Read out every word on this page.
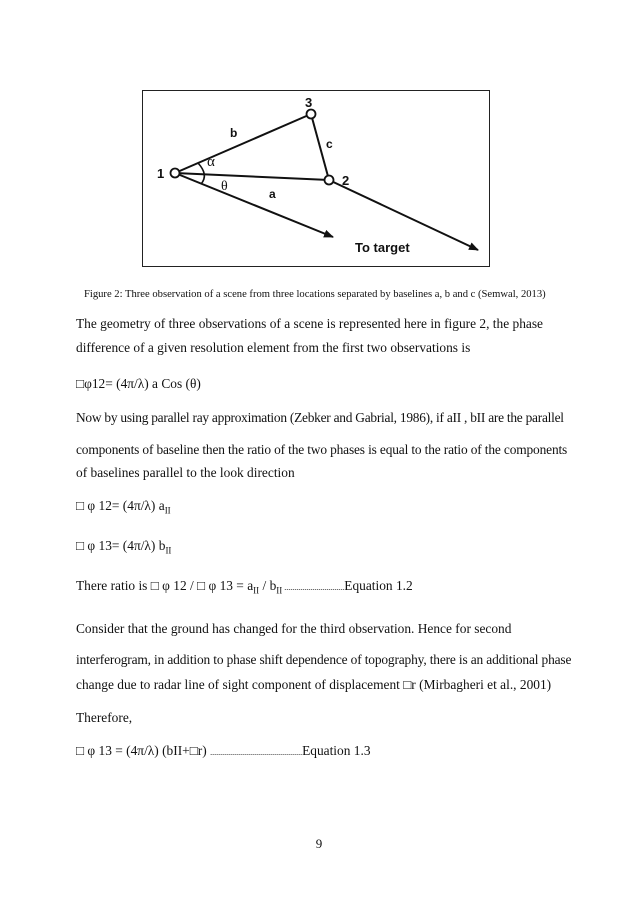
1	2
3
a
b
c
α
θ
To target
Figure 2: Three observation of a scene from three locations separated by baselines a, b and c (Semwal, 2013)
The geometry of three observations of a scene is represented here in figure 2, the phase
difference of a given resolution element from the first two observations is
□φ12= (4π/λ) a Cos (θ)
Now by using parallel ray approximation (Zebker and Gabrial, 1986), if aII , bII are the parallel
components of baseline then the ratio of the two phases is equal to the ratio of the components
of baselines parallel to the look direction
□ φ 12= (4π/λ) $a_{II}$
□ φ 13= (4π/λ) $b_{II}$
There ratio is □ φ 12 / □ φ $13 = a_{II} / b_{II}$ ..............................Equation 1.2
Consider that the ground has changed for the third observation. Hence for second
interferogram, in addition to phase shift dependence of topography, there is an additional phase
change due to radar line of sight component of displacement □r (Mirbagheri et al., 2001)
Therefore,
□ φ 13 = (4π/λ) (bII+□r) ..............................................Equation 1.3
9
